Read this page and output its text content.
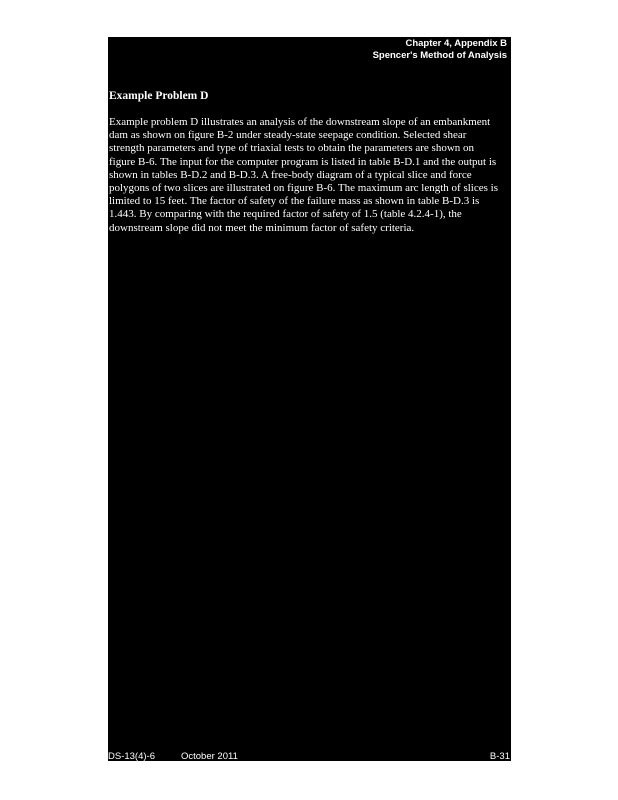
Chapter 4, Appendix B
Spencer's Method of Analysis
Example Problem D

Example problem D illustrates an analysis of the downstream slope of an embankment dam as shown on figure B-2 under steady-state seepage condition. Selected shear strength parameters and type of triaxial tests to obtain the parameters are shown on figure B-6. The input for the computer program is listed in table B-D.1 and the output is shown in tables B-D.2 and B-D.3. A free-body diagram of a typical slice and force polygons of two slices are illustrated on figure B-6. The maximum arc length of slices is limited to 15 feet. The factor of safety of the failure mass as shown in table B-D.3 is 1.443. By comparing with the required factor of safety of 1.5 (table 4.2.4-1), the downstream slope did not meet the minimum factor of safety criteria.

DS-13(4)-6	October 2011	B-31
